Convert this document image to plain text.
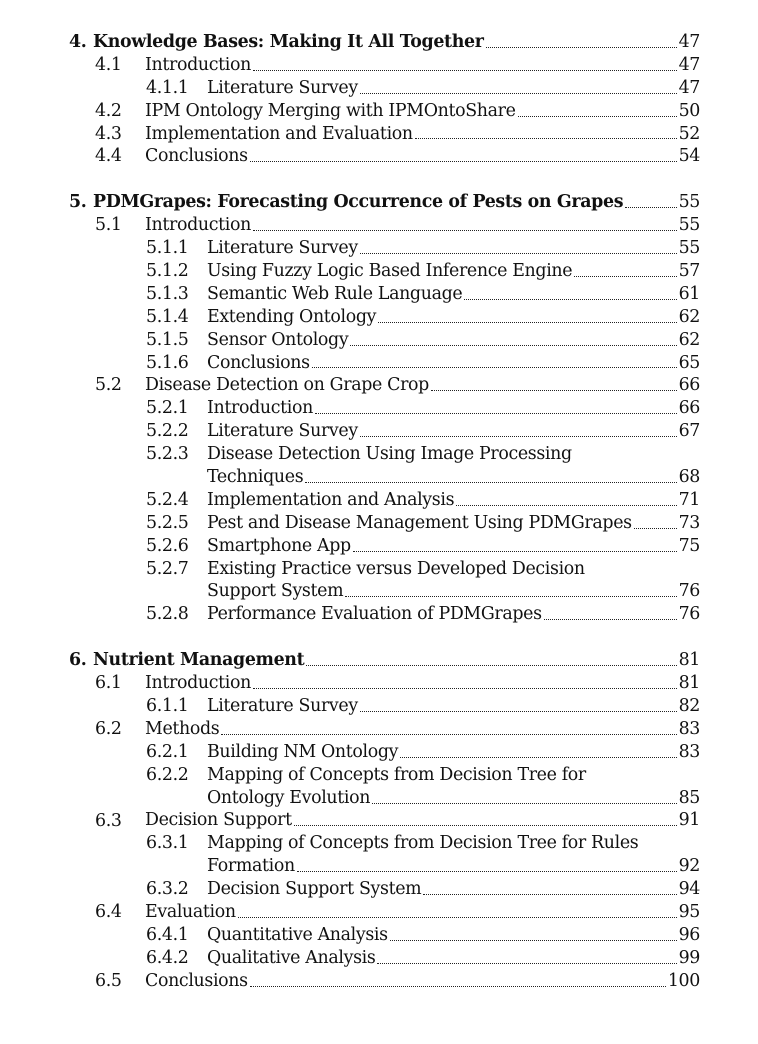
4. Knowledge Bases: Making It All Together	47
4.1 Introduction	47
4.1.1 Literature Survey	47
4.2 IPM Ontology Merging with IPMOntoShare	50
4.3 Implementation and Evaluation	52
4.4 Conclusions	54
5. PDMGrapes: Forecasting Occurrence of Pests on Grapes	55
5.1 Introduction	55
5.1.1 Literature Survey	55
5.1.2 Using Fuzzy Logic Based Inference Engine	57
5.1.3 Semantic Web Rule Language	61
5.1.4 Extending Ontology	62
5.1.5 Sensor Ontology	62
5.1.6 Conclusions	65
5.2 Disease Detection on Grape Crop	66
5.2.1 Introduction	66
5.2.2 Literature Survey	67
5.2.3 Disease Detection Using Image Processing
Techniques	68
5.2.4 Implementation and Analysis	71
5.2.5 Pest and Disease Management Using PDMGrapes	73
5.2.6 Smartphone App	75
5.2.7 Existing Practice versus Developed Decision
Support System	76
5.2.8 Performance Evaluation of PDMGrapes	76
6. Nutrient Management	81
6.1 Introduction	81
6.1.1 Literature Survey	82
6.2 Methods	83
6.2.1 Building NM Ontology	83
6.2.2 Mapping of Concepts from Decision Tree for
Ontology Evolution	85
6.3 Decision Support	91
6.3.1 Mapping of Concepts from Decision Tree for Rules
Formation	92
6.3.2 Decision Support System	94
6.4 Evaluation	95
6.4.1 Quantitative Analysis	96
6.4.2 Qualitative Analysis	99
6.5 Conclusions	100
